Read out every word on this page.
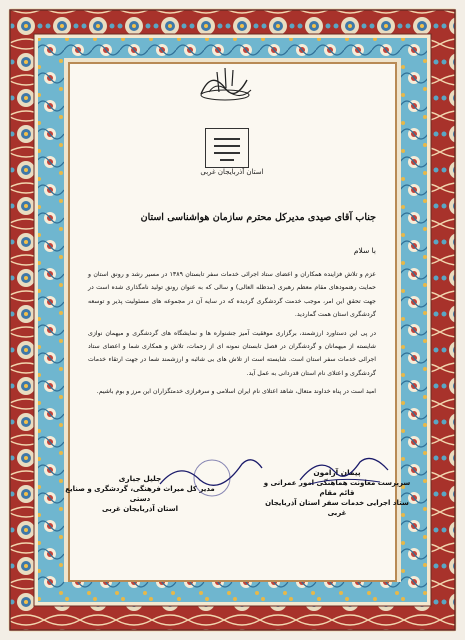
استان آذربایجان غربی
جناب آقای صیدی مدیرکل محترم سازمان هواشناسی استان
با سلام

عزم و تلاش فزاینده همکاران و اعضای ستاد اجرائی خدمات سفر تابستان ۱۳۸۹ در مسیر رشد و رونق استان و حمایت رهنمودهای مقام معظم رهبری (مدظله العالی) و سالی که به عنوان رونق تولید نامگذاری شده است در جهت تحقق این امر، موجب خدمت گردشگری گردیده که در سایه آن در مجموعه های مسئولیت پذیر و توسعه گردشگری استان همت گماردید.

در پی این دستاورد ارزشمند، برگزاری موفقیت آمیز جشنواره ها و نمایشگاه های گردشگری و میهمان نوازی شایسته از میهمانان و گردشگران در فصل تابستان نمونه ای از زحمات، تلاش و همکاری شما و اعضای ستاد اجرائی خدمات سفر استان است. شایسته است از تلاش های بی شائبه و ارزشمند شما در جهت ارتقاء خدمات گردشگری و اعتلای نام استان قدردانی به عمل آید.

امید است در پناه خداوند متعال، شاهد اعتلای نام ایران اسلامی و سرفرازی خدمتگزاران این مرز و بوم باشیم.

پیمان آرامون
سرپرست معاونت هماهنگی امور عمرانی و قائم مقام
ستاد اجرایی خدمات سفر استان آذربایجان غربی
جلیل جباری
مدیر کل میراث فرهنگی، گردشگری و صنایع دستی
استان آذربایجان غربی
